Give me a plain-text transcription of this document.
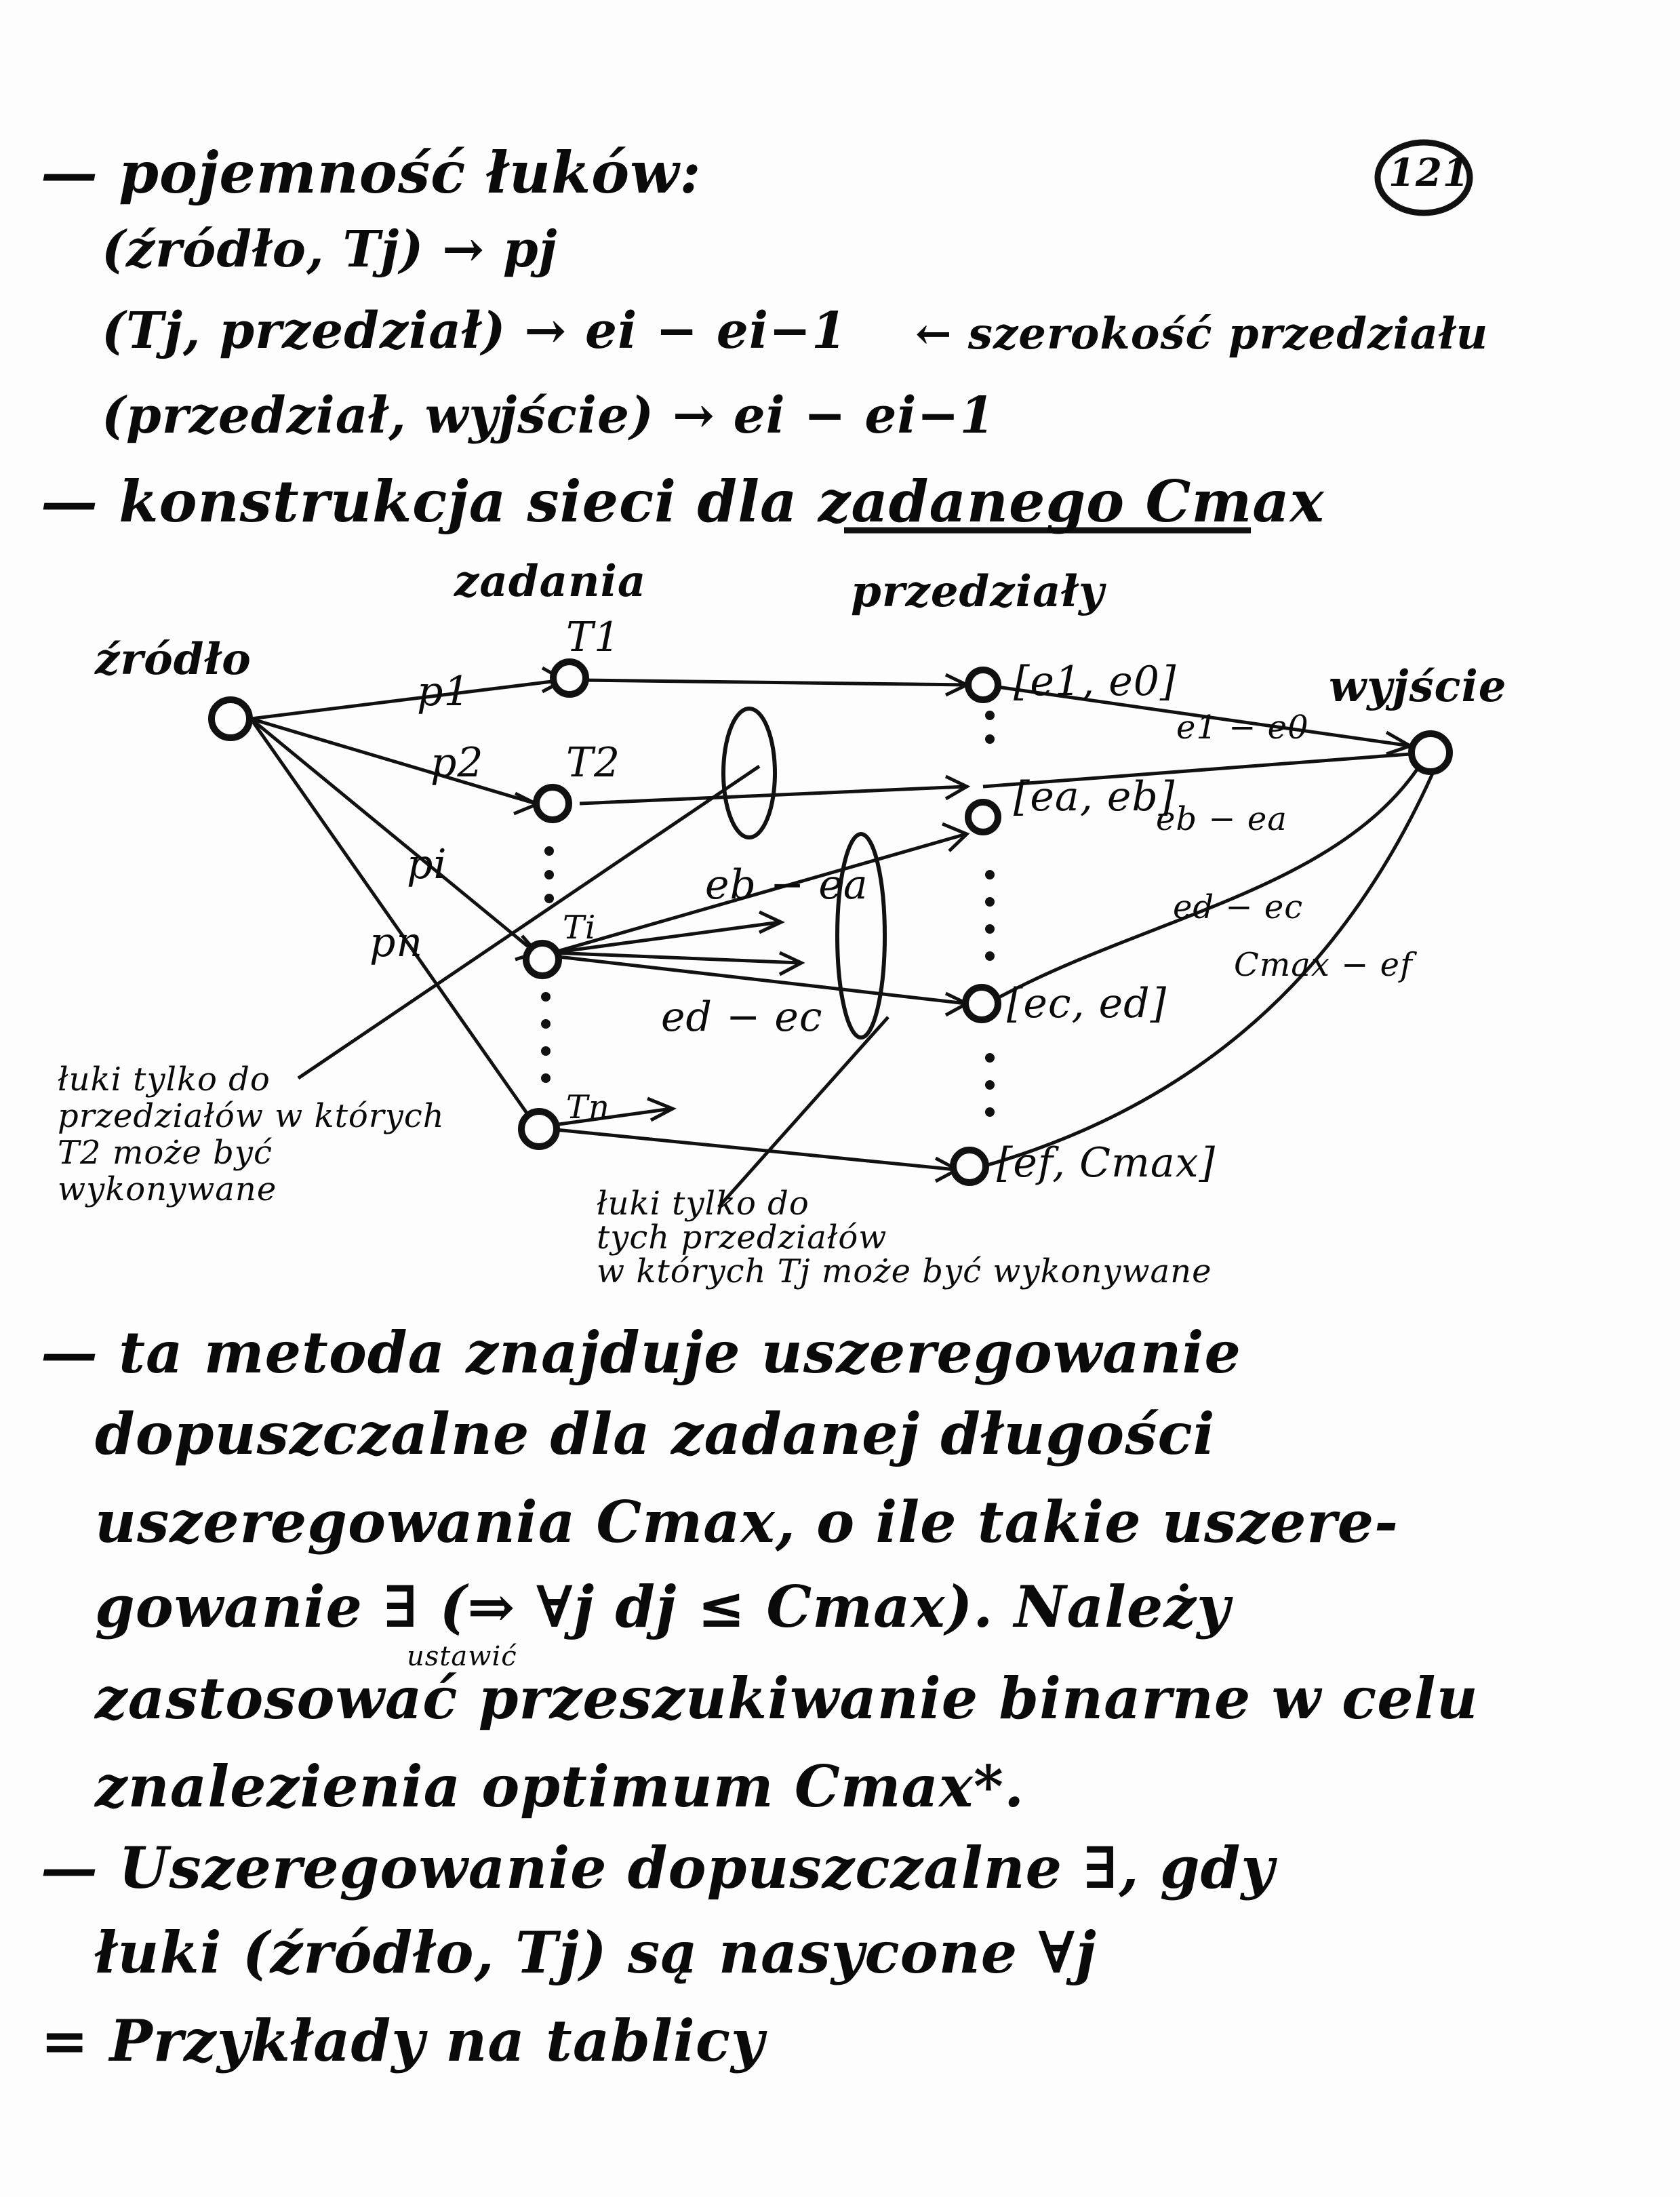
121
— pojemność łuków:
(źródło, Tj) → pj
(Tj, przedział) → ei − ei−1 ← szerokość przedziału
(przedział, wyjście) → ei − ei−1
— konstrukcja sieci dla zadanego Cmax
zadania	przedziały
źródło
wyjście
T1
T2
Ti
Tn
p1
p2
pi
pn
[e1, e0]
[ea, eb]
[ec, ed]
[ef, Cmax]
e1 − e0
eb − ea
ed − ec
Cmax − ef
eb − ea
ed − ec
łuki tylko do
przedziałów w których
T2 może być
wykonywane	łuki tylko do
tych przedziałów
w których Tj może być wykonywane
— ta metoda znajduje uszeregowanie
dopuszczalne dla zadanej długości
uszeregowania Cmax, o ile takie uszere-
gowanie ∃ (⇒ ∀j dj ≤ Cmax). Należy
ustawić
zastosować przeszukiwanie binarne w celu
znalezienia optimum Cmax*.
— Uszeregowanie dopuszczalne ∃, gdy
łuki (źródło, Tj) są nasycone ∀j
= Przykłady na tablicy
